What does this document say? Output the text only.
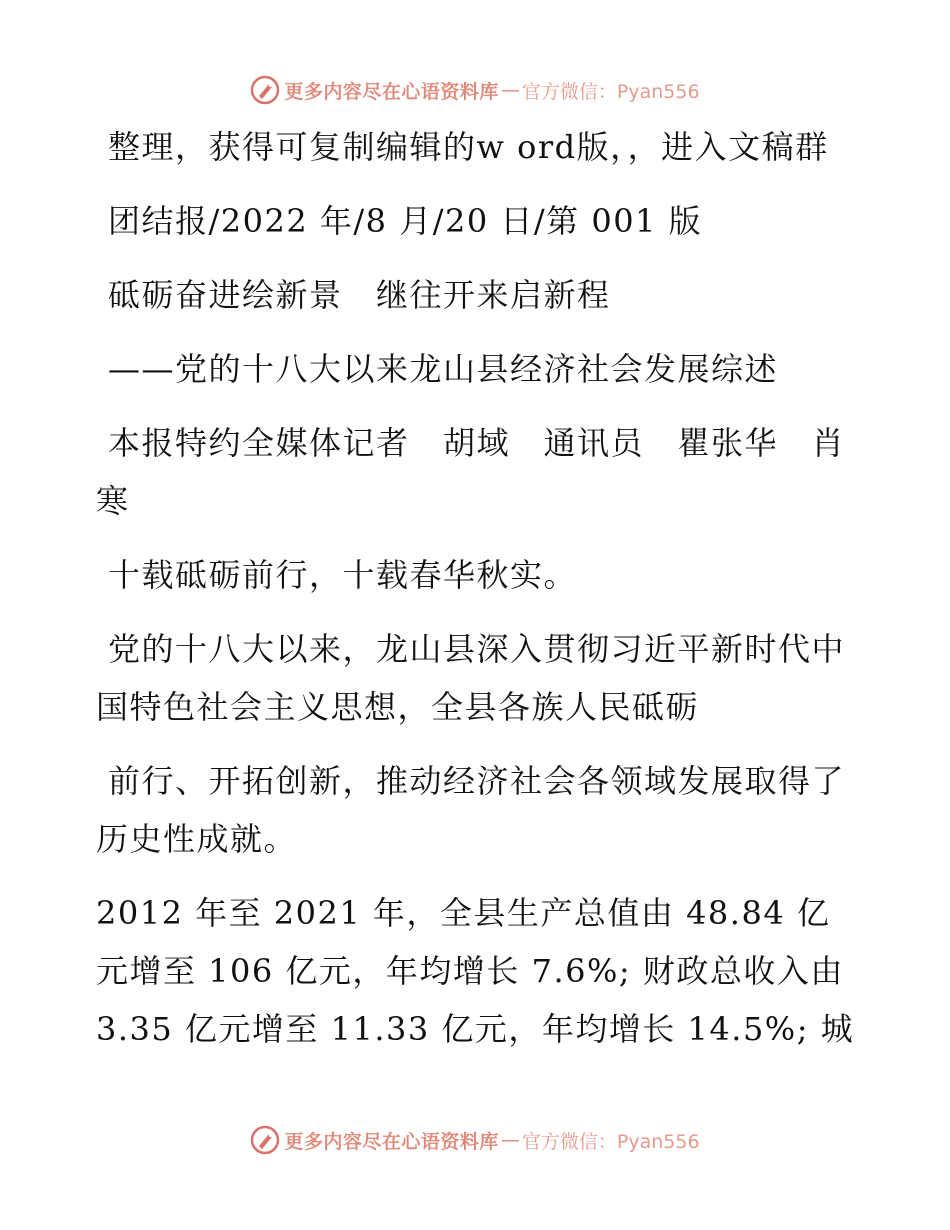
更多内容尽在心语资料库 — 官方微信：Pyan556

整理，获得可复制编辑的w ord版，，进入文稿群

团结报/2022 年/8 月/20 日/第 001 版

砥砺奋进绘新景　继往开来启新程

——党的十八大以来龙山县经济社会发展综述

本报特约全媒体记者　胡域　通讯员　瞿张华　肖寒

十载砥砺前行，十载春华秋实。

党的十八大以来，龙山县深入贯彻习近平新时代中国特色社会主义思想，全县各族人民砥砺

前行、开拓创新，推动经济社会各领域发展取得了历史性成就。

2012 年至 2021 年，全县生产总值由 48.84 亿元增至 106 亿元，年均增长 7.6%; 财政总收入由 3.35 亿元增至 11.33 亿元，年均增长 14.5%; 城

更多内容尽在心语资料库 — 官方微信：Pyan556
